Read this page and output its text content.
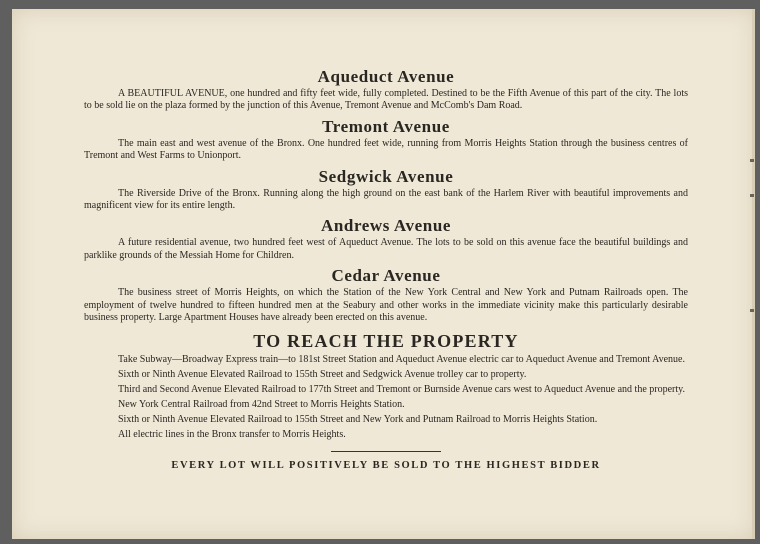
Aqueduct Avenue

A BEAUTIFUL AVENUE, one hundred and fifty feet wide, fully completed. Destined to be the Fifth Avenue of this part of the city. The lots to be sold lie on the plaza formed by the junction of this Avenue, Tremont Avenue and McComb's Dam Road.

Tremont Avenue

The main east and west avenue of the Bronx. One hundred feet wide, running from Morris Heights Station through the business centres of Tremont and West Farms to Unionport.

Sedgwick Avenue

The Riverside Drive of the Bronx. Running along the high ground on the east bank of the Harlem River with beautiful improvements and magnificent view for its entire length.

Andrews Avenue

A future residential avenue, two hundred feet west of Aqueduct Avenue. The lots to be sold on this avenue face the beautiful buildings and parklike grounds of the Messiah Home for Children.

Cedar Avenue

The business street of Morris Heights, on which the Station of the New York Central and New York and Putnam Railroads open. The employment of twelve hundred to fifteen hundred men at the Seabury and other works in the immediate vicinity make this particularly desirable business property. Large Apartment Houses have already been erected on this avenue.

TO REACH THE PROPERTY

Take Subway—Broadway Express train—to 181st Street Station and Aqueduct Avenue electric car to Aqueduct Avenue and Tremont Avenue.

Sixth or Ninth Avenue Elevated Railroad to 155th Street and Sedgwick Avenue trolley car to property.

Third and Second Avenue Elevated Railroad to 177th Street and Tremont or Burnside Avenue cars west to Aqueduct Avenue and the property.

New York Central Railroad from 42nd Street to Morris Heights Station.

Sixth or Ninth Avenue Elevated Railroad to 155th Street and New York and Putnam Railroad to Morris Heights Station.

All electric lines in the Bronx transfer to Morris Heights.

EVERY LOT WILL POSITIVELY BE SOLD TO THE HIGHEST BIDDER
